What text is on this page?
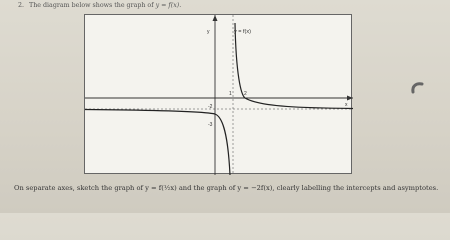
2. The diagram below shows the graph of y = f(x).
y = f(x)
y
x
1 2
-2
-3
On separate axes, sketch the graph of y = f(½x) and the graph of y = −2f(x), clearly labelling the intercepts and asymptotes.
